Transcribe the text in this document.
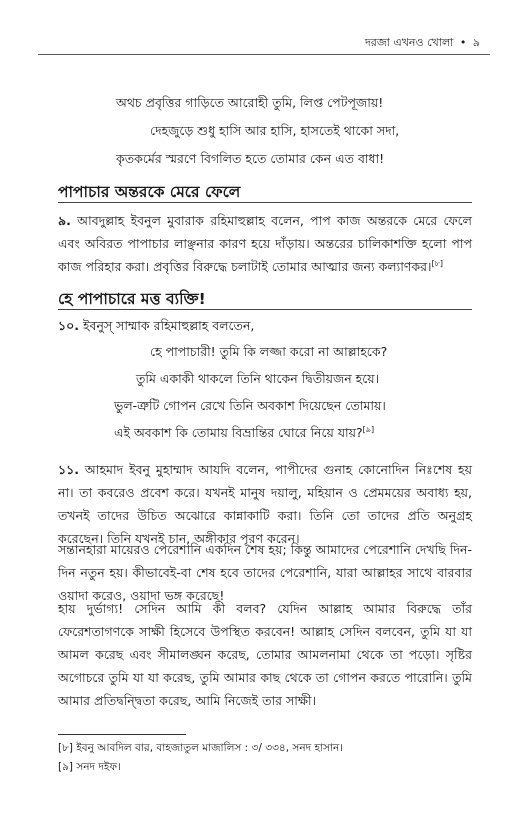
দরজা এখনও খোলা • ৯
অথচ প্রবৃত্তির গাড়িতে আরোহী তুমি, লিপ্ত পেটপূজায়!
দেহজুড়ে শুধু হাসি আর হাসি, হাসতেই থাকো সদা,
কৃতকর্মের স্মরণে বিগলিত হতে তোমার কেন এত বাধা!
পাপাচার অন্তরকে মেরে ফেলে
৯. আবদুল্লাহ ইবনুল মুবারাক রহিমাহুল্লাহ বলেন, পাপ কাজ অন্তরকে মেরে ফেলে এবং অবিরত পাপাচার লাঞ্ছনার কারণ হয়ে দাঁড়ায়। অন্তরের চালিকাশক্তি হলো পাপ কাজ পরিহার করা। প্রবৃত্তির বিরুদ্ধে চলাটাই তোমার আত্মার জন্য কল্যাণকর।[৮]
হে পাপাচারে মত্ত ব্যক্তি!
১০. ইবনুস্ সাম্মাক রহিমাহুল্লাহ বলতেন,
হে পাপাচারী! তুমি কি লজ্জা করো না আল্লাহকে?
তুমি একাকী থাকলে তিনি থাকেন দ্বিতীয়জন হয়ে।
ভুল-ত্রুটি গোপন রেখে তিনি অবকাশ দিয়েছেন তোমায়।
এই অবকাশ কি তোমায় বিভ্রান্তির ঘোরে নিয়ে যায়?[৯]
১১. আহমাদ ইবনু মুহাম্মাদ আযদি বলেন, পাপীদের গুনাহ কোনোদিন নিঃশেষ হয় না। তা কবরেও প্রবেশ করে। যখনই মানুষ দয়ালু, মহিয়ান ও প্রেমময়ের অবাধ্য হয়, তখনই তাদের উচিত অঝোরে কান্নাকাটি করা। তিনি তো তাদের প্রতি অনুগ্রহ করেছেন। তিনি যখনই চান, অঙ্গীকার পূরণ করেন।
সন্তানহারা মায়েরও পেরেশানি একদিন শেষ হয়; কিন্তু আমাদের পেরেশানি দেখছি দিন-দিন নতুন হয়। কীভাবেই-বা শেষ হবে তাদের পেরেশানি, যারা আল্লাহর সাথে বারবার ওয়াদা করেও, ওয়াদা ভঙ্গ করেছে!
হায় দুর্ভাগ্য! সেদিন আমি কী বলব? যেদিন আল্লাহ আমার বিরুদ্ধে তাঁর ফেরেশতাগণকে সাক্ষী হিসেবে উপস্থিত করবেন! আল্লাহ সেদিন বলবেন, তুমি যা যা আমল করেছ এবং সীমালঙ্ঘন করেছ, তোমার আমলনামা থেকে তা পড়ো। সৃষ্টির অগোচরে তুমি যা যা করেছ, তুমি আমার কাছ থেকে তা গোপন করতে পারোনি। তুমি আমার প্রতিদ্বন্দ্বিতা করেছ, আমি নিজেই তার সাক্ষী।
[৮] ইবনু আবদিল বার, বাহজাতুল মাজালিস : ৩/ ৩৩৪, সনদ হাসান।
[৯] সনদ দইফ।
